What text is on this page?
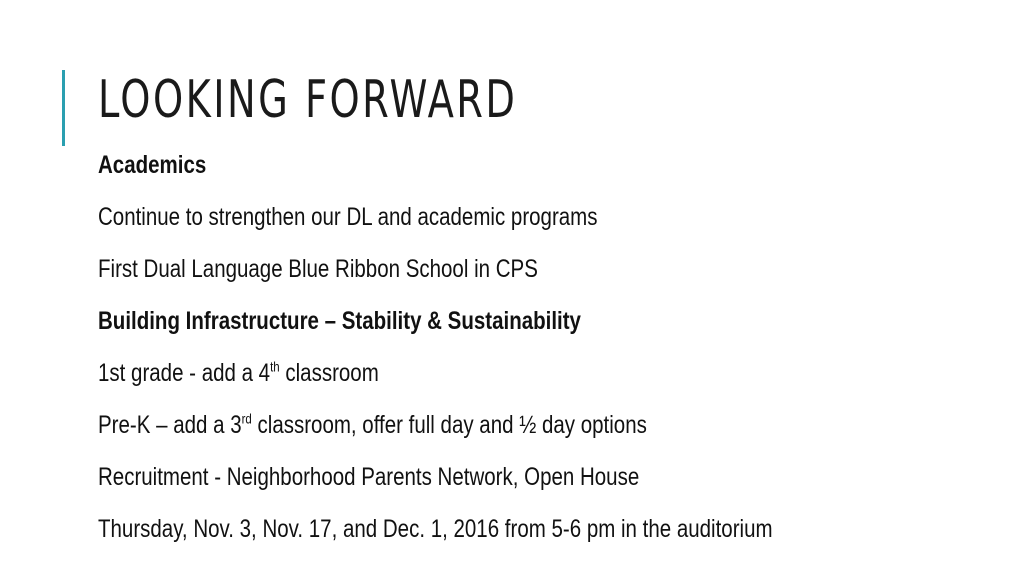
LOOKING FORWARD

Academics

Continue to strengthen our DL and academic programs

First Dual Language Blue Ribbon School in CPS

Building Infrastructure – Stability & Sustainability

1st grade - add a 4th classroom

Pre-K – add a 3rd classroom, offer full day and ½ day options

Recruitment - Neighborhood Parents Network, Open House

Thursday, Nov. 3, Nov. 17, and Dec. 1, 2016 from 5-6 pm in the auditorium
